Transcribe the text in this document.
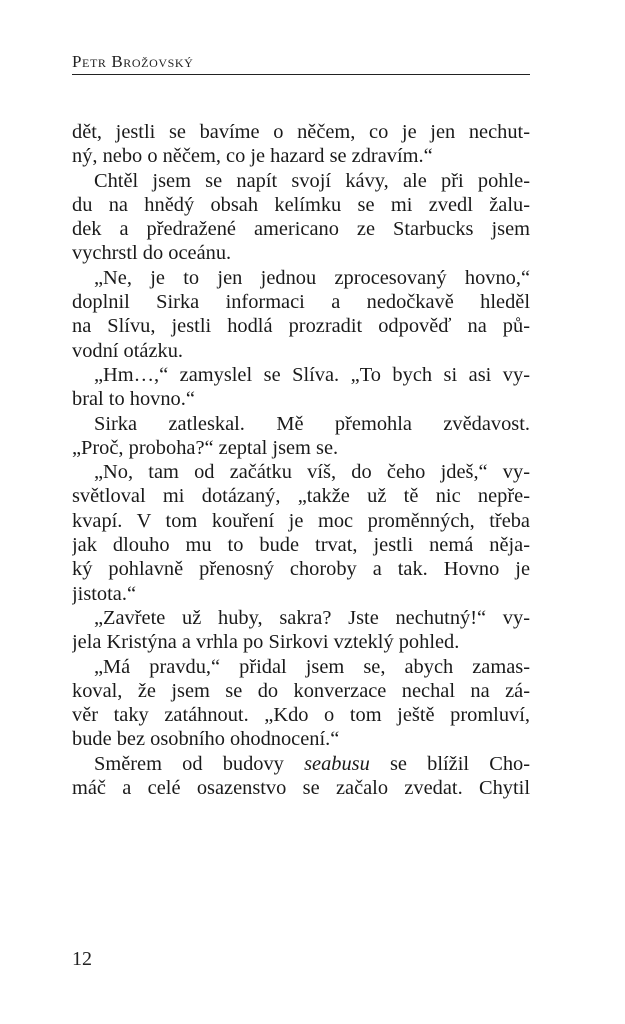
Petr Brožovský

dět, jestli se bavíme o něčem, co je jen nechut-
ný, nebo o něčem, co je hazard se zdravím.“

Chtěl jsem se napít svojí kávy, ale při pohle-
du na hnědý obsah kelímku se mi zvedl žalu-
dek a předražené americano ze Starbucks jsem
vychrstl do oceánu.

„Ne, je to jen jednou zprocesovaný hovno,“
doplnil Sirka informaci a nedočkavě hleděl
na Slívu, jestli hodlá prozradit odpověď na pů-
vodní otázku.

„Hm…,“ zamyslel se Slíva. „To bych si asi vy-
bral to hovno.“

Sirka zatleskal. Mě přemohla zvědavost.
„Proč, proboha?“ zeptal jsem se.

„No, tam od začátku víš, do čeho jdeš,“ vy-
světloval mi dotázaný, „takže už tě nic nepře-
kvapí. V tom kouření je moc proměnných, třeba
jak dlouho mu to bude trvat, jestli nemá něja-
ký pohlavně přenosný choroby a tak. Hovno je
jistota.“

„Zavřete už huby, sakra? Jste nechutný!“ vy-
jela Kristýna a vrhla po Sirkovi vzteklý pohled.

„Má pravdu,“ přidal jsem se, abych zamas-
koval, že jsem se do konverzace nechal na zá-
věr taky zatáhnout. „Kdo o tom ještě promluví,
bude bez osobního ohodnocení.“

Směrem od budovy seabusu se blížil Cho-
máč a celé osazenstvo se začalo zvedat. Chytil

12
